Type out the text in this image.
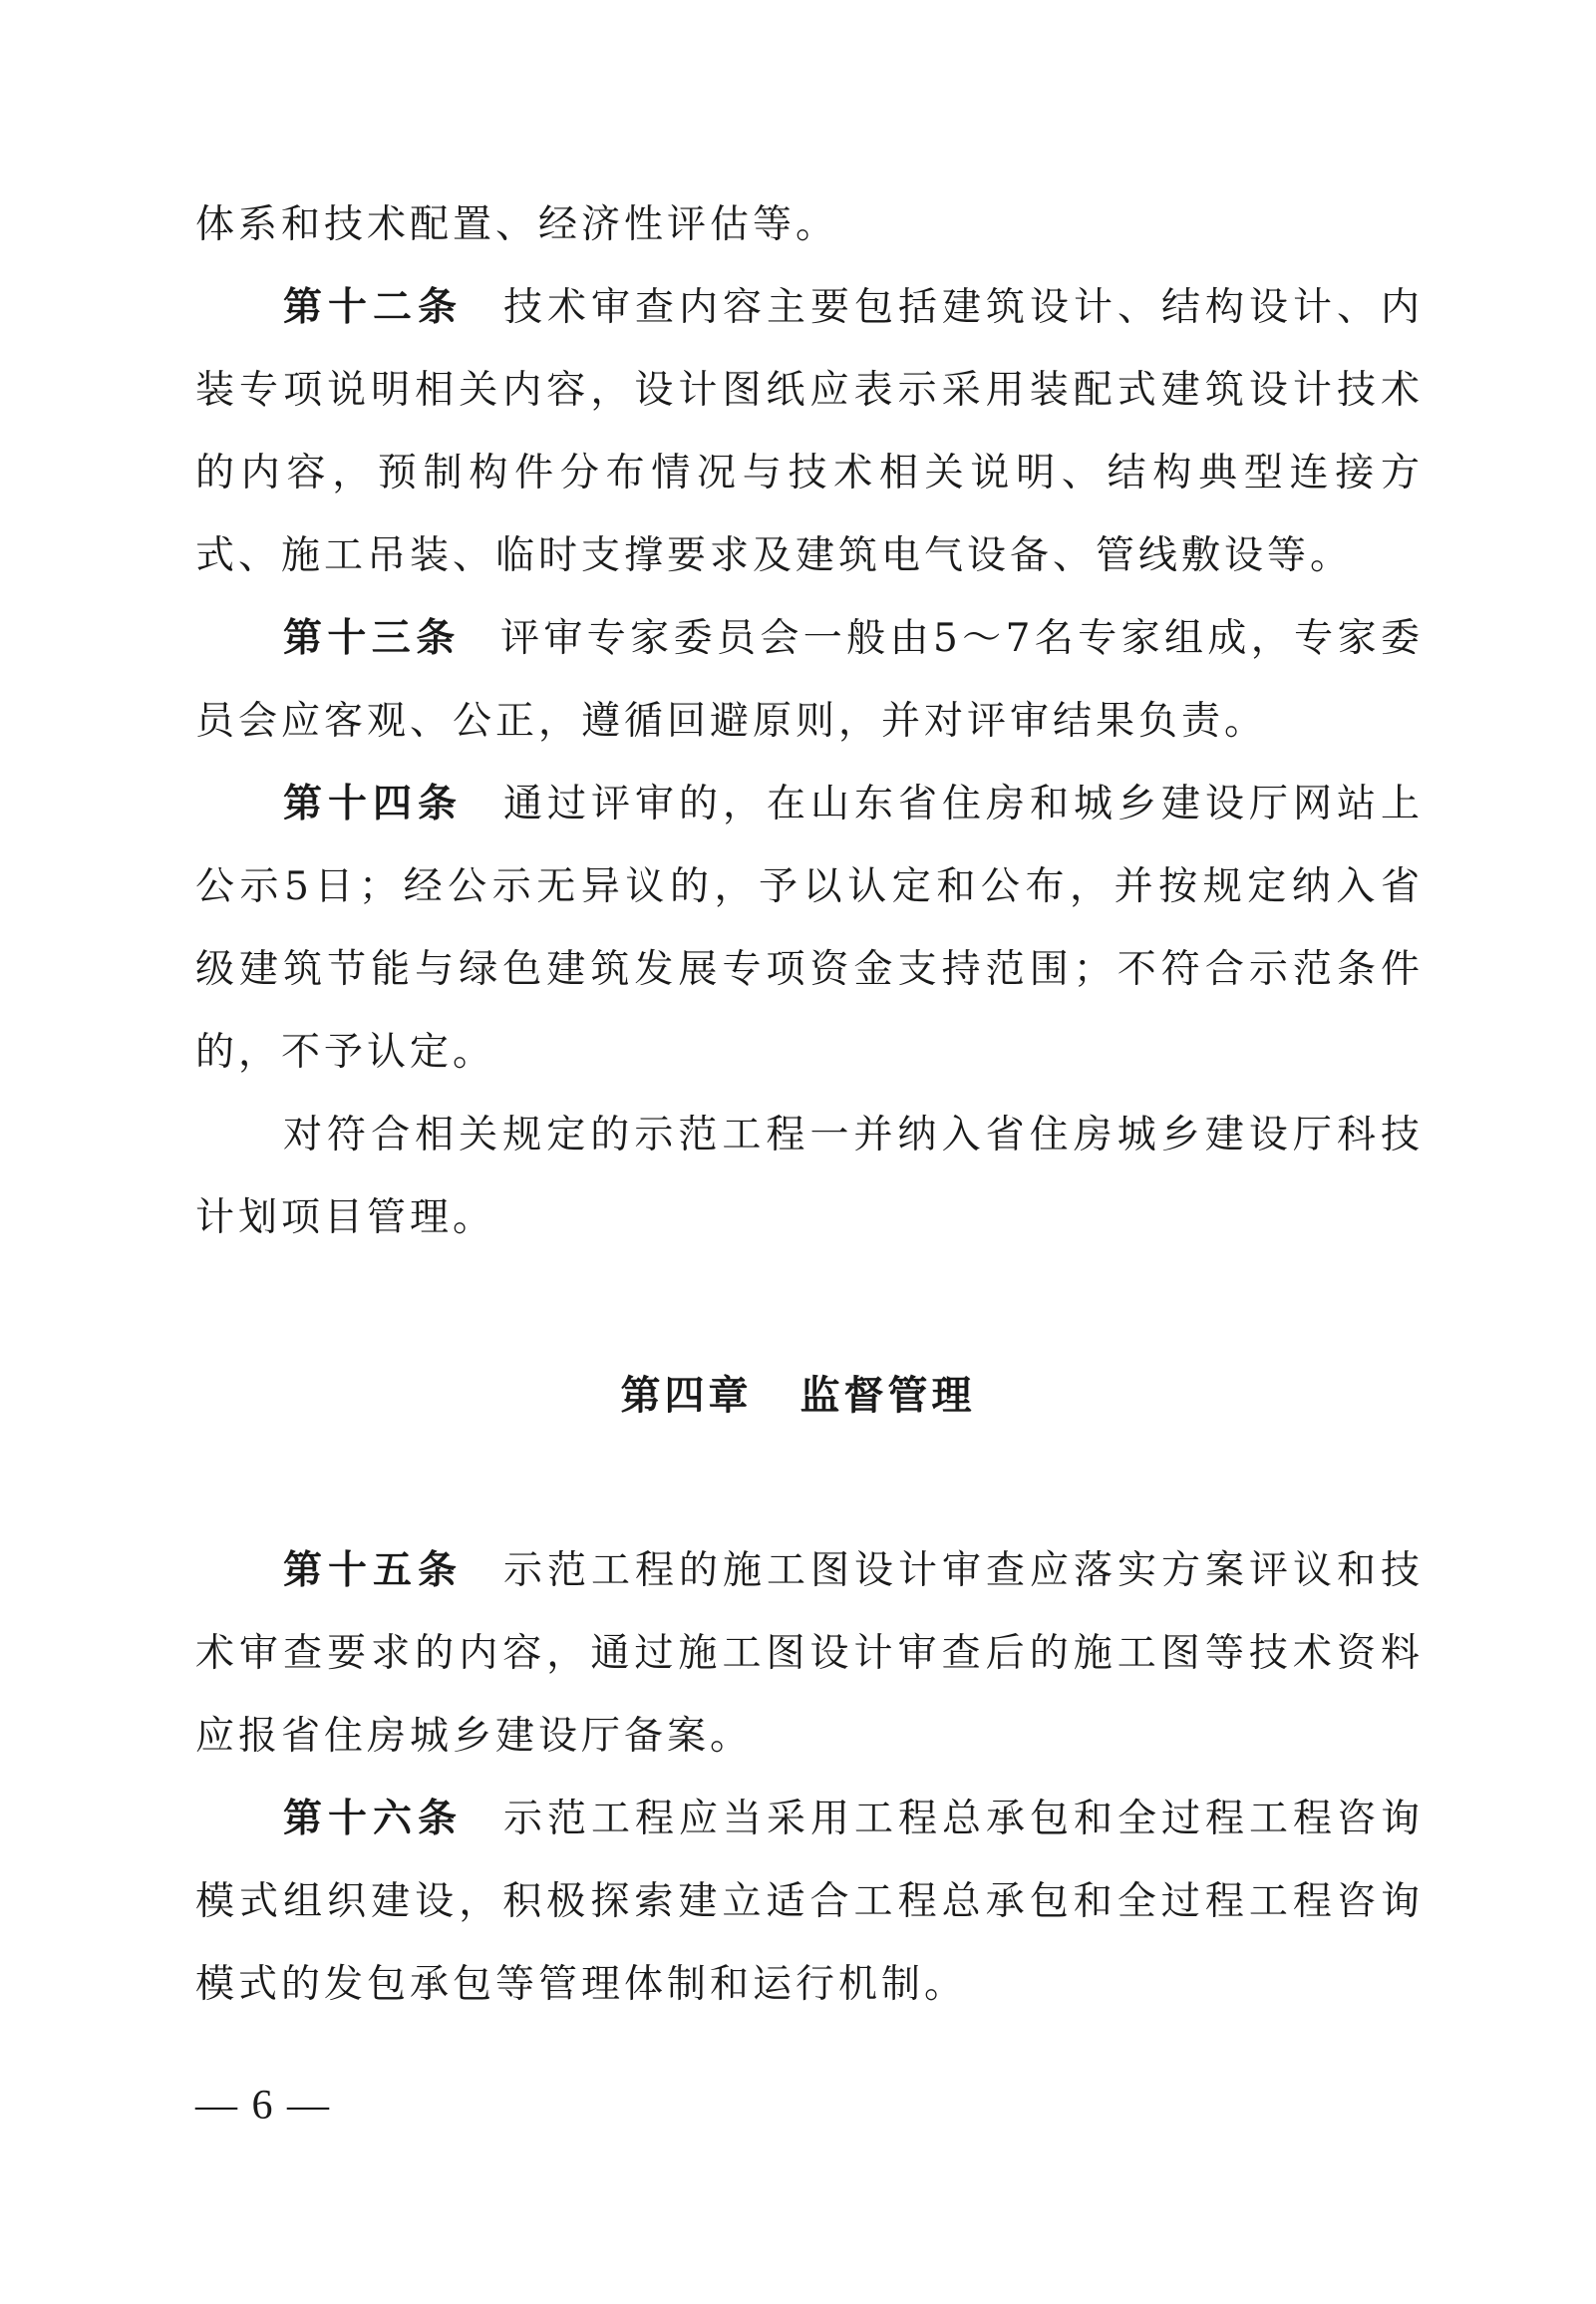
体系和技术配置、经济性评估等。

第十二条 技术审查内容主要包括建筑设计、结构设计、内装专项说明相关内容，设计图纸应表示采用装配式建筑设计技术的内容，预制构件分布情况与技术相关说明、结构典型连接方式、施工吊装、临时支撑要求及建筑电气设备、管线敷设等。

第十三条 评审专家委员会一般由5～7名专家组成，专家委员会应客观、公正，遵循回避原则，并对评审结果负责。

第十四条 通过评审的，在山东省住房和城乡建设厅网站上公示5日；经公示无异议的，予以认定和公布，并按规定纳入省级建筑节能与绿色建筑发展专项资金支持范围；不符合示范条件的，不予认定。

对符合相关规定的示范工程一并纳入省住房城乡建设厅科技计划项目管理。

第四章 监督管理

第十五条 示范工程的施工图设计审查应落实方案评议和技术审查要求的内容，通过施工图设计审查后的施工图等技术资料应报省住房城乡建设厅备案。

第十六条 示范工程应当采用工程总承包和全过程工程咨询模式组织建设，积极探索建立适合工程总承包和全过程工程咨询模式的发包承包等管理体制和运行机制。

— 6 —
